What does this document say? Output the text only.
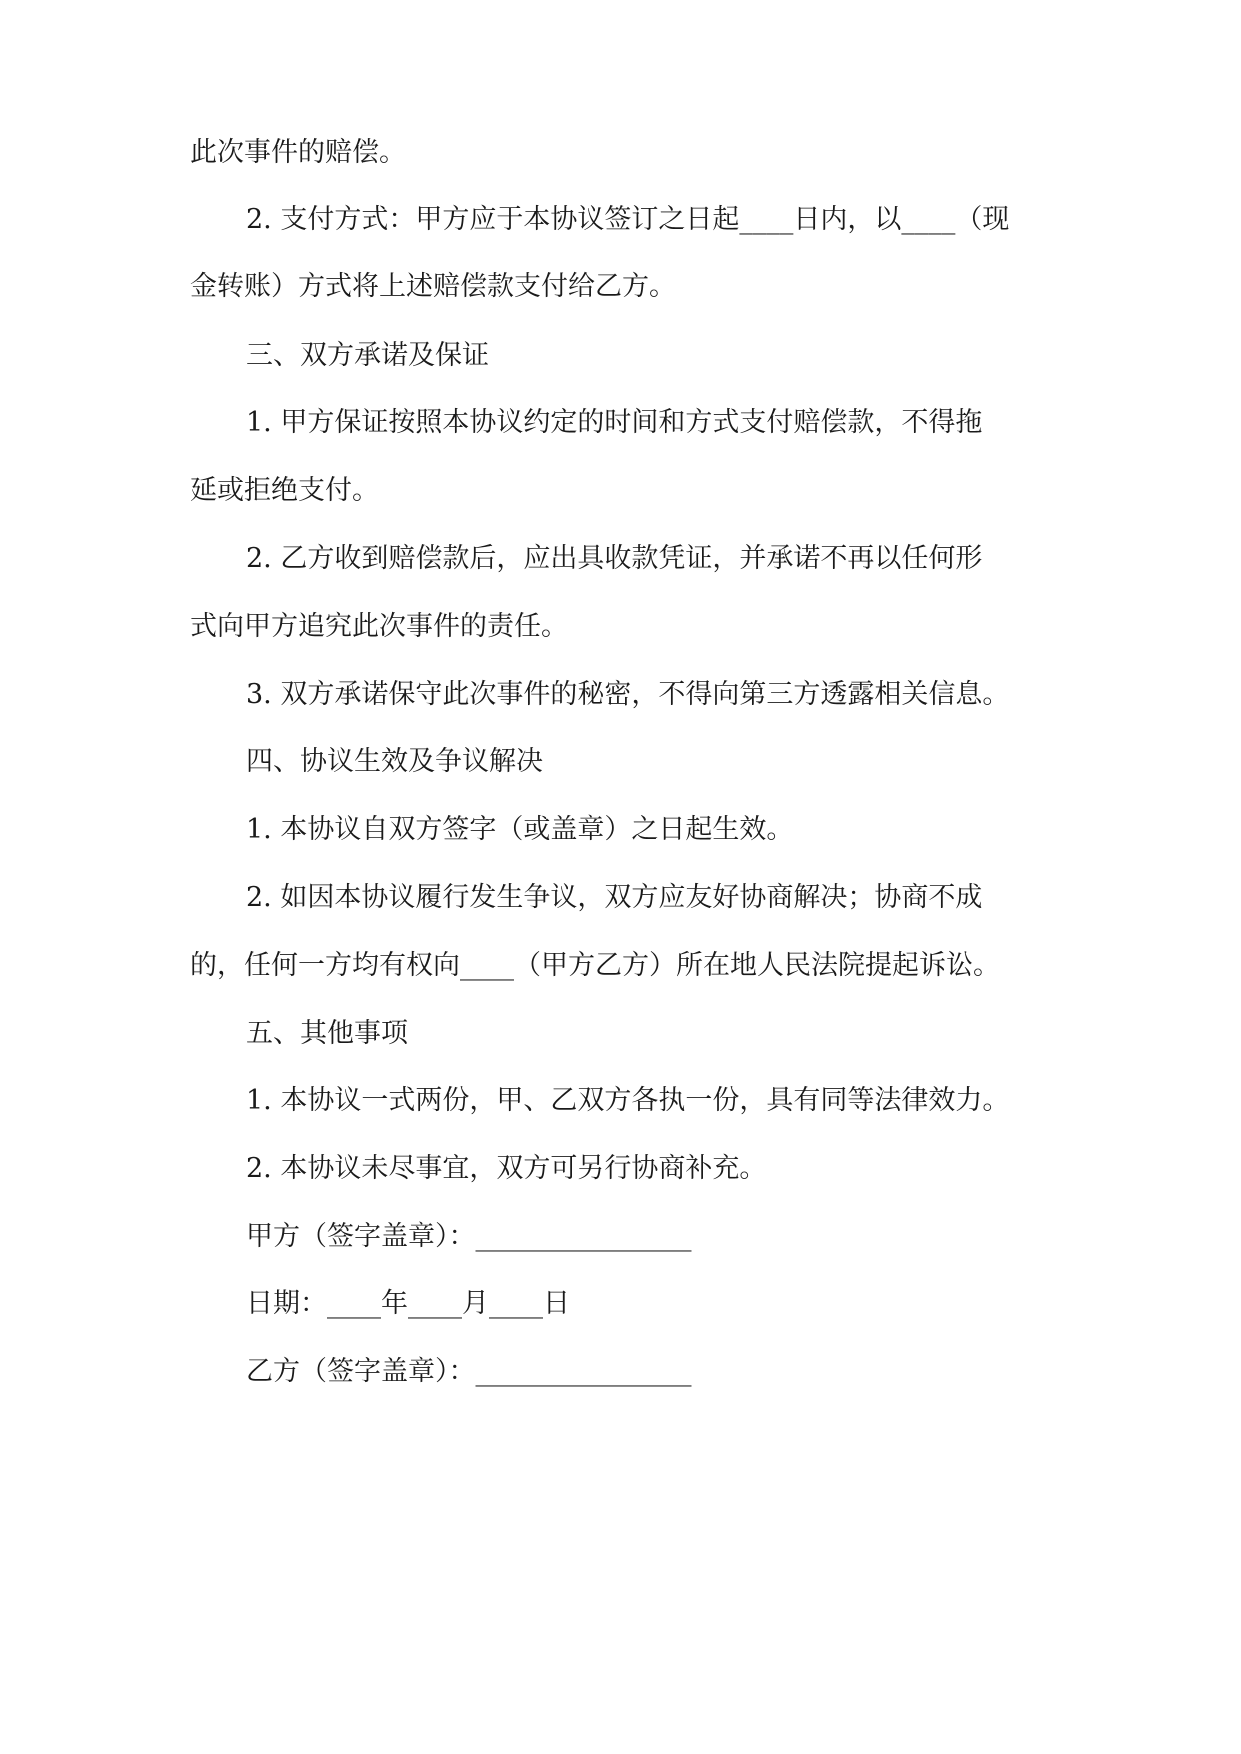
此次事件的赔偿。

2. 支付方式：甲方应于本协议签订之日起____日内，以____（现

金转账）方式将上述赔偿款支付给乙方。

三、双方承诺及保证

1. 甲方保证按照本协议约定的时间和方式支付赔偿款，不得拖

延或拒绝支付。

2. 乙方收到赔偿款后，应出具收款凭证，并承诺不再以任何形

式向甲方追究此次事件的责任。

3. 双方承诺保守此次事件的秘密，不得向第三方透露相关信息。

四、协议生效及争议解决

1. 本协议自双方签字（或盖章）之日起生效。

2. 如因本协议履行发生争议，双方应友好协商解决；协商不成

的，任何一方均有权向____（甲方乙方）所在地人民法院提起诉讼。

五、其他事项

1. 本协议一式两份，甲、乙双方各执一份，具有同等法律效力。

2. 本协议未尽事宜，双方可另行协商补充。

甲方（签字盖章）：________________

日期：____年____月____日

乙方（签字盖章）：________________
